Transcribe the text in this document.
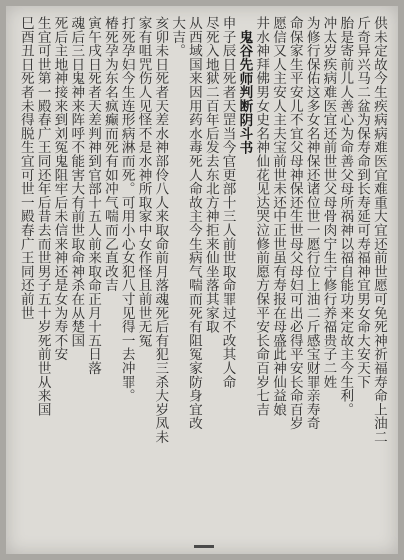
供未定故今生疾病病难医宜难重大宜还前世愿可免死神祈福寿命上油二
斤奇异兴马二盆为保寿命到长寿延可寿福神宜男女命大安天下
胎是寄前儿人善心为命善父母所祸神以福自能功来定故主今生利。
冲太岁疾病难医宜还前世世父母骨肉宁生宁修行养福贵子二姓
为修行保佑这多女名神保还诸位世一愿行位上油二斤感宝财罪亲寿奇
命保家生平安儿不宜父母神保还生世母父母妇可出必得平安长命百岁
愿信又人主安人主夫宝前世未还中正世虽有寿报在母盛此神仙益娘
井水神拜佛男女史名神仙花见达哭泣修前愿方保平安长命百岁七吉
鬼谷先师判断阴斗书
申子辰日死者天罡当今官更部十三人前世取命罪过不改其人命
尽死入地狱二百年后发去东北方神拒来仙坐落其家取
从西域国来因用药水毒死人命故主今生病气喘而死有阻冤家防身宜改
大吉。
亥卯未日死者天差水神部伶八人来取命前月落魂死后有犯三杀大岁凤未
家有咀咒伤人见怪不是水神所取家中女作怪且前世无冤
打死孕妇今生连形病淋而死。可用小心女犯八寸见得一去冲罪。
椿死孕为东名疯癫而死有如冲气喘而乙直改吉
寅午戌日死者天差判神到官部十五人前来取命正月十五日落
魂后三日鬼神来阵呼不能害大有前世取命神杀在从楚国
死后主地神接来到刘冤鬼阻牢后未信来神还是女为寿不安
生宜可世第一殿春广王同还年后昔去而世男子五十岁死前世从来国
巳酉丑日死者未得脱生宜可世一殿春广王同还前世
